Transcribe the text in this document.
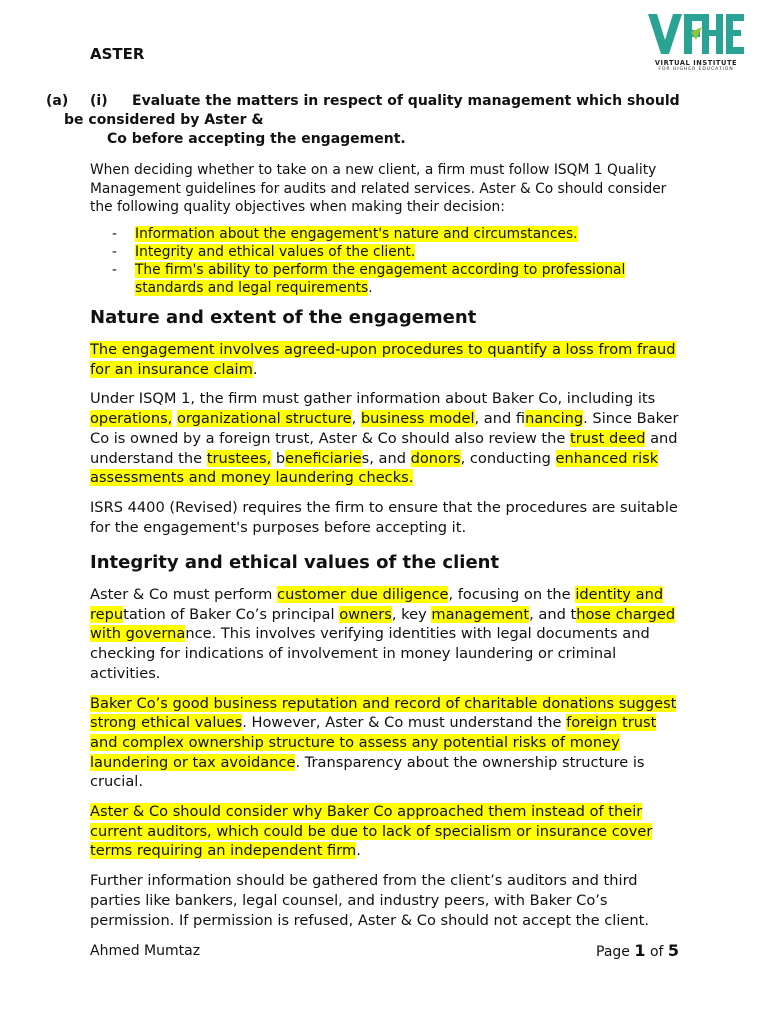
ASTER	VIRTUAL INSTITUTE
FOR HIGHER EDUCATION
(a) (i) Evaluate the matters in respect of quality management which should
be considered by Aster &
Co before accepting the engagement.
When deciding whether to take on a new client, a firm must follow ISQM 1 Quality Management guidelines for audits and related services. Aster & Co should consider the following quality objectives when making their decision:
- Information about the engagement's nature and circumstances.
- Integrity and ethical values of the client.
- The firm's ability to perform the engagement according to professional standards and legal requirements.
Nature and extent of the engagement

The engagement involves agreed-upon procedures to quantify a loss from fraud for an insurance claim.

Under ISQM 1, the firm must gather information about Baker Co, including its operations, organizational structure, business model, and financing. Since Baker Co is owned by a foreign trust, Aster & Co should also review the trust deed and understand the trustees, beneficiaries, and donors, conducting enhanced risk assessments and money laundering checks.

ISRS 4400 (Revised) requires the firm to ensure that the procedures are suitable for the engagement's purposes before accepting it.

Integrity and ethical values of the client

Aster & Co must perform customer due diligence, focusing on the identity and reputation of Baker Co’s principal owners, key management, and those charged with governance. This involves verifying identities with legal documents and checking for indications of involvement in money laundering or criminal activities.

Baker Co’s good business reputation and record of charitable donations suggest strong ethical values. However, Aster & Co must understand the foreign trust and complex ownership structure to assess any potential risks of money laundering or tax avoidance. Transparency about the ownership structure is crucial.

Aster & Co should consider why Baker Co approached them instead of their current auditors, which could be due to lack of specialism or insurance cover terms requiring an independent firm.

Further information should be gathered from the client’s auditors and third parties like bankers, legal counsel, and industry peers, with Baker Co’s permission. If permission is refused, Aster & Co should not accept the client.

Ahmed Mumtaz	Page 1 of 5
